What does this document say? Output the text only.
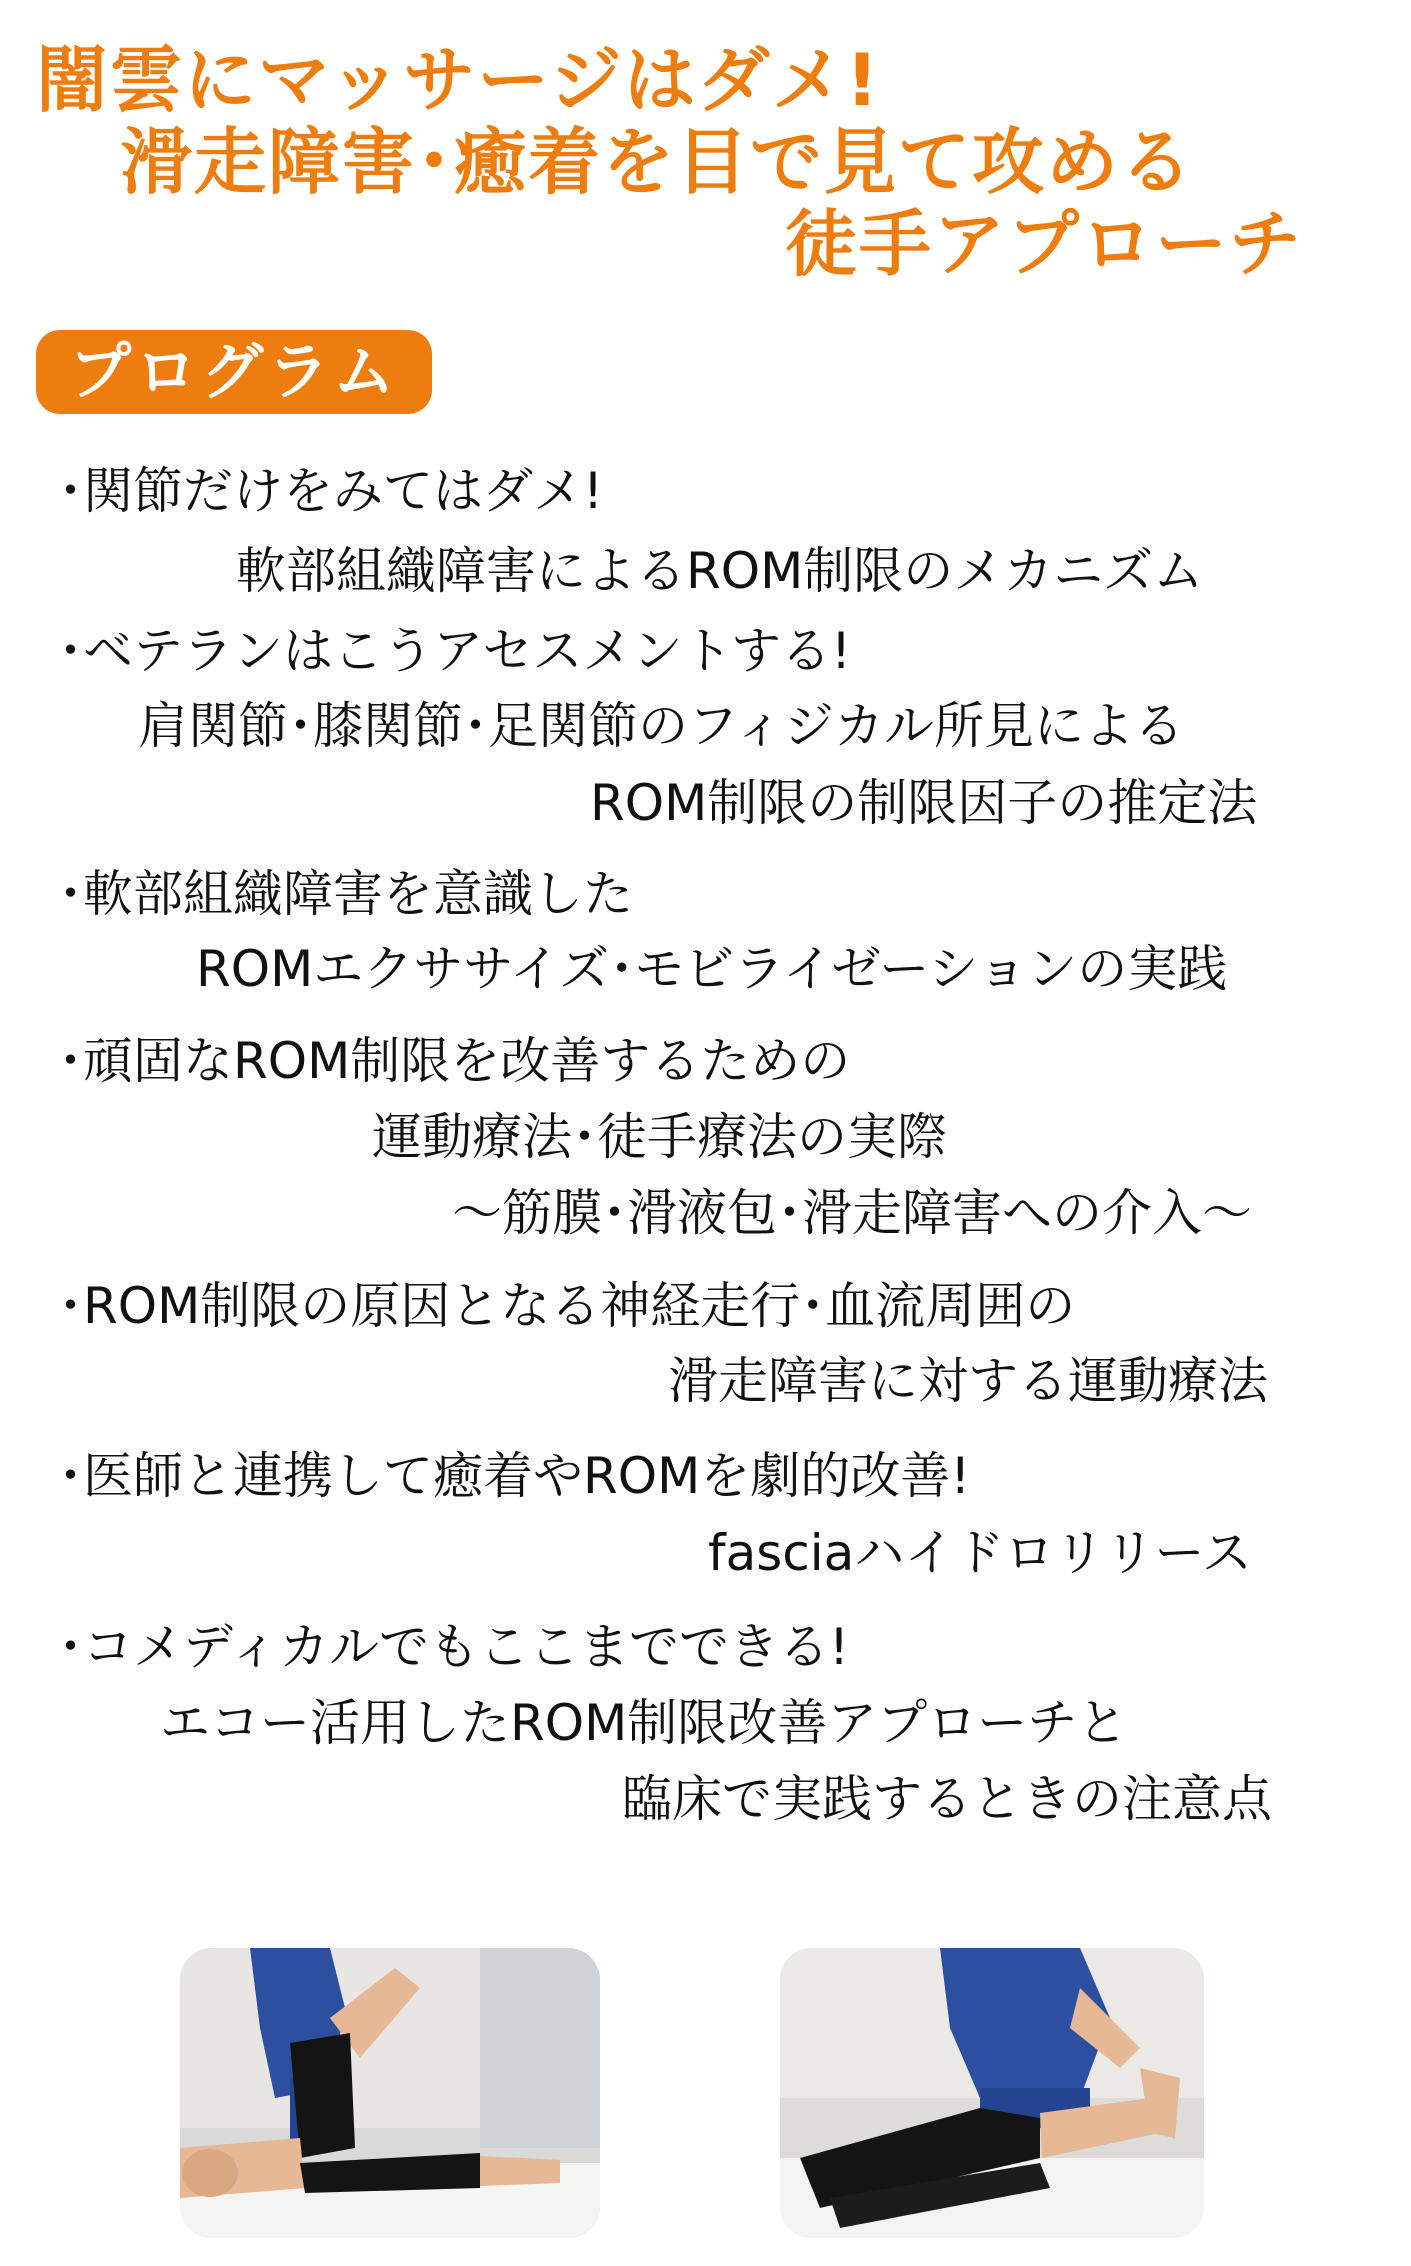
闇雲にマッサージはダメ!
滑走障害･癒着を目で見て攻める
徒手アプローチ
プログラム
･関節だけをみてはダメ!
軟部組織障害によるROM制限のメカニズム
･ベテランはこうアセスメントする!
肩関節･膝関節･足関節のフィジカル所見による
ROM制限の制限因子の推定法
･軟部組織障害を意識した
ROMエクササイズ･モビライゼーションの実践
･頑固なROM制限を改善するための
運動療法･徒手療法の実際
～筋膜･滑液包･滑走障害への介入～
･ROM制限の原因となる神経走行･血流周囲の
滑走障害に対する運動療法
･医師と連携して癒着やROMを劇的改善!
fasciaハイドロリリース
･コメディカルでもここまでできる!
エコー活用したROM制限改善アプローチと
臨床で実践するときの注意点
